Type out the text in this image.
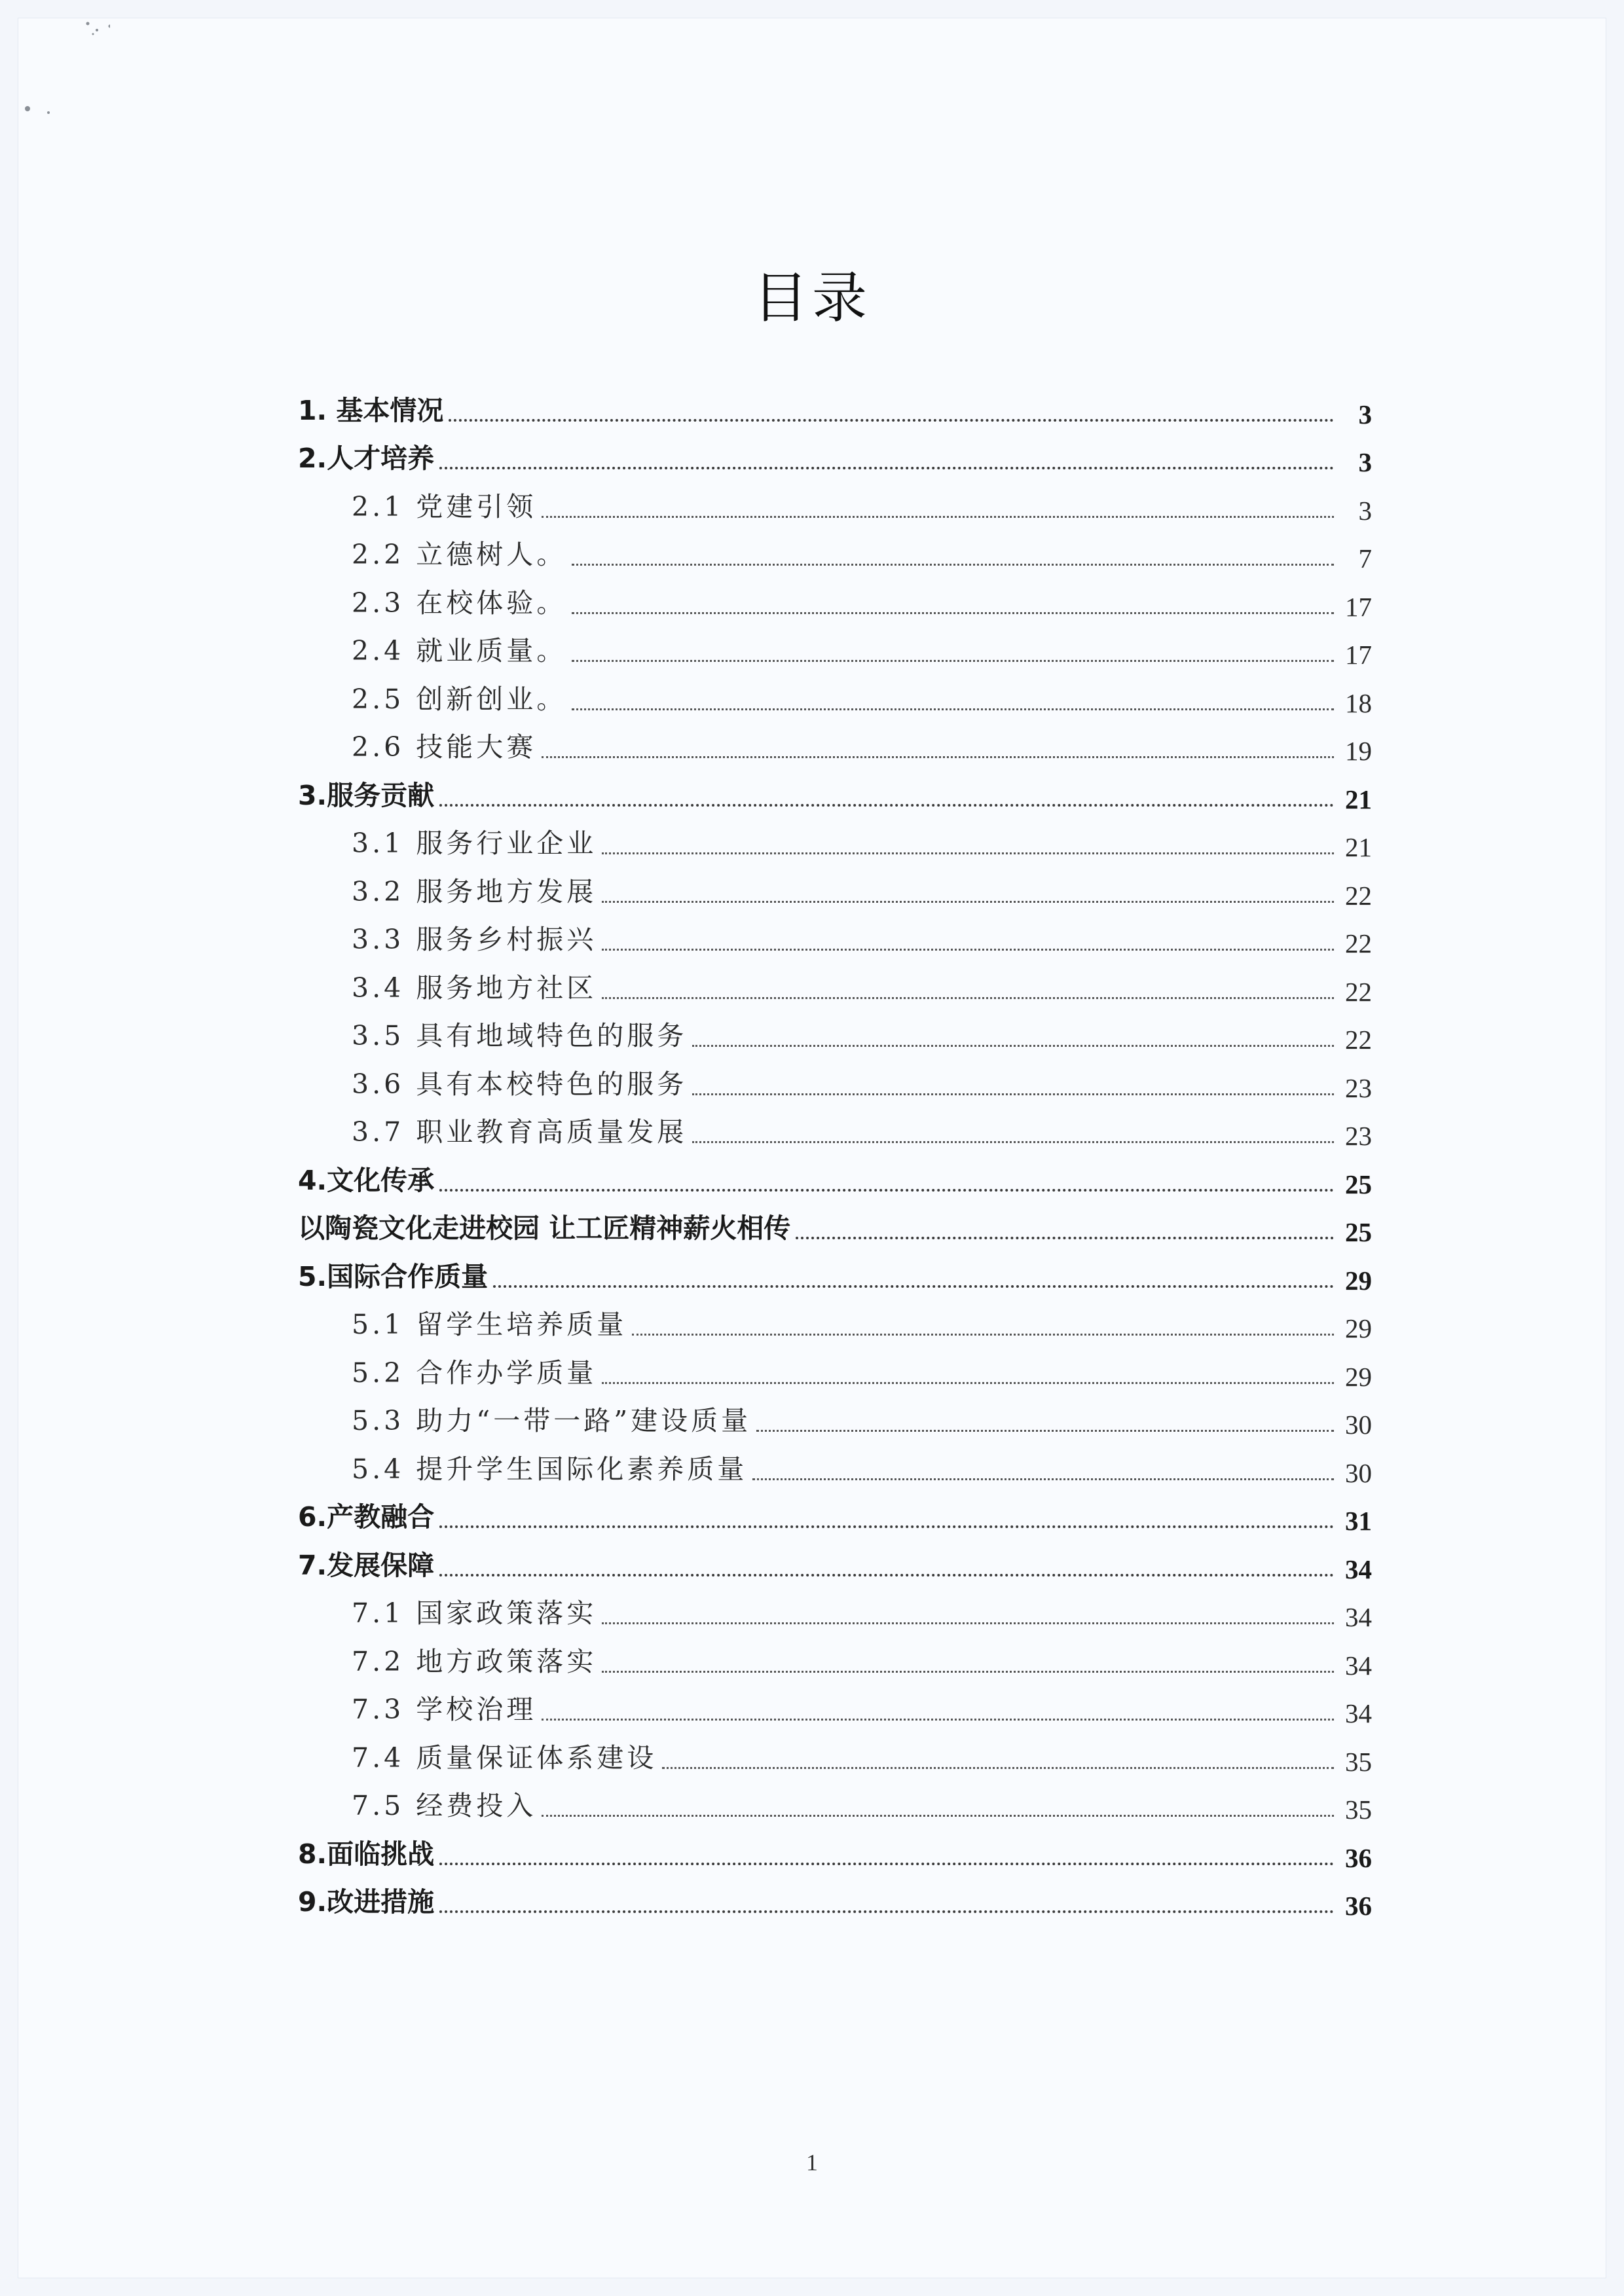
目录
1. 基本情况	3
2.人才培养	3
2.1 党建引领	3
2.2 立德树人。	7
2.3 在校体验。	17
2.4 就业质量。	17
2.5 创新创业。	18
2.6 技能大赛	19
3.服务贡献	21
3.1 服务行业企业	21
3.2 服务地方发展	22
3.3 服务乡村振兴	22
3.4 服务地方社区	22
3.5 具有地域特色的服务	22
3.6 具有本校特色的服务	23
3.7 职业教育高质量发展	23
4.文化传承	25
以陶瓷文化走进校园 让工匠精神薪火相传	25
5.国际合作质量	29
5.1 留学生培养质量	29
5.2 合作办学质量	29
5.3 助力“一带一路”建设质量	30
5.4 提升学生国际化素养质量	30
6.产教融合	31
7.发展保障	34
7.1 国家政策落实	34
7.2 地方政策落实	34
7.3 学校治理	34
7.4 质量保证体系建设	35
7.5 经费投入	35
8.面临挑战	36
9.改进措施	36
1
